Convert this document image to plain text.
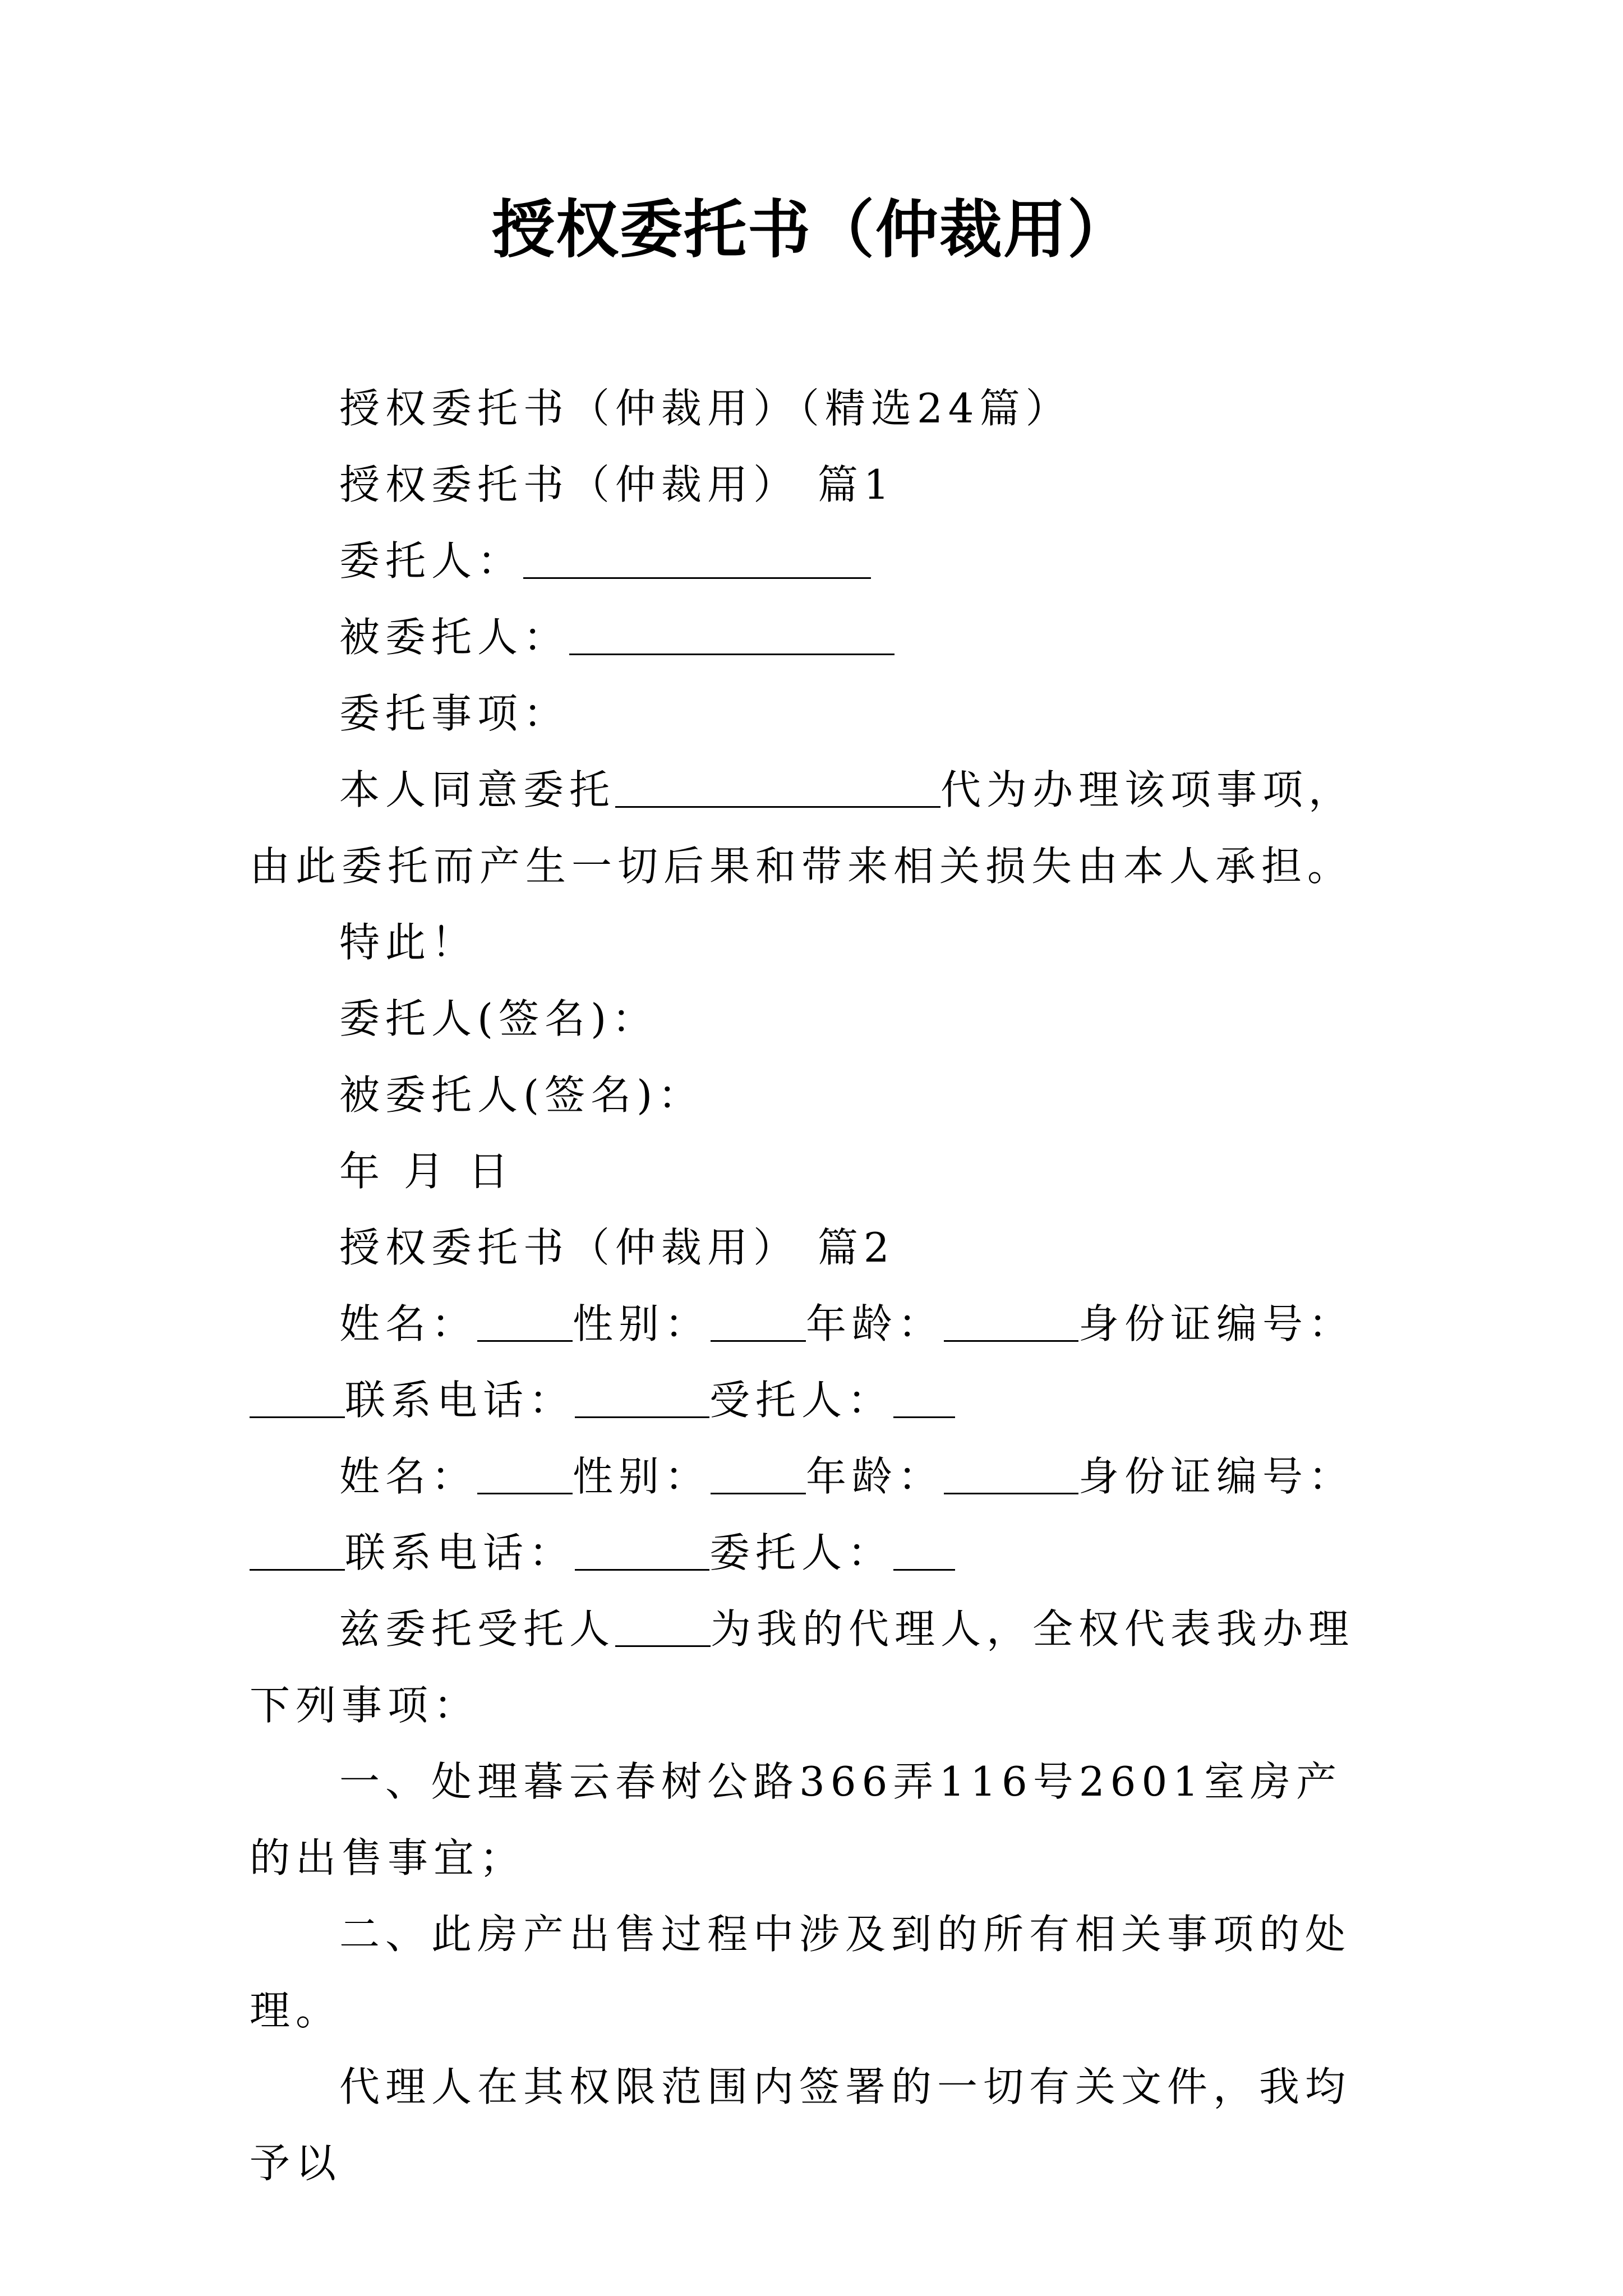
授权委托书（仲裁用）

授权委托书（仲裁用）（精选24篇）

授权委托书（仲裁用） 篇1

委托人：

被委托人：

委托事项：

本人同意委托	代为办理该项事项，由此委托而产生一切后果和带来相关损失由本人承担。

特此！

委托人(签名)：

被委托人(签名)：

年 月 日

授权委托书（仲裁用） 篇2

姓名： 性别： 年龄：	身份证编号：联系电话：	受托人：

姓名： 性别： 年龄：	身份证编号：联系电话：	委托人：

兹委托受托人 为我的代理人，全权代表我办理下列事项：

一、处理暮云春树公路366弄116号2601室房产的出售事宜；

二、此房产出售过程中涉及到的所有相关事项的处理。

代理人在其权限范围内签署的一切有关文件，我均予以
